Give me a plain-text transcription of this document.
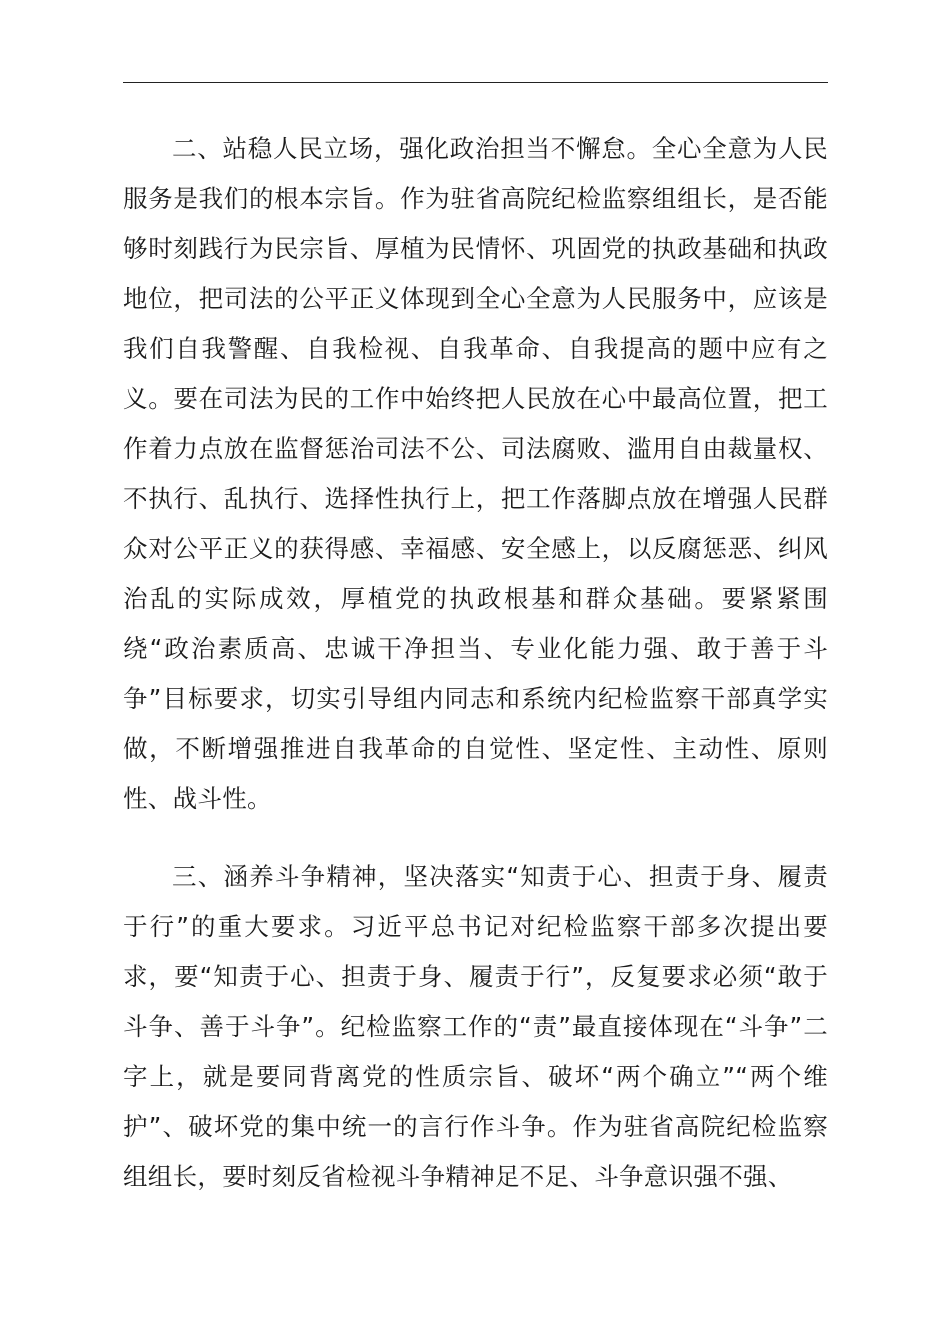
二、站稳人民立场，强化政治担当不懈怠。全心全意为人民服务是我们的根本宗旨。作为驻省高院纪检监察组组长，是否能够时刻践行为民宗旨、厚植为民情怀、巩固党的执政基础和执政地位，把司法的公平正义体现到全心全意为人民服务中，应该是我们自我警醒、自我检视、自我革命、自我提高的题中应有之义。要在司法为民的工作中始终把人民放在心中最高位置，把工作着力点放在监督惩治司法不公、司法腐败、滥用自由裁量权、不执行、乱执行、选择性执行上，把工作落脚点放在增强人民群众对公平正义的获得感、幸福感、安全感上，以反腐惩恶、纠风治乱的实际成效，厚植党的执政根基和群众基础。要紧紧围绕“政治素质高、忠诚干净担当、专业化能力强、敢于善于斗争”目标要求，切实引导组内同志和系统内纪检监察干部真学实做，不断增强推进自我革命的自觉性、坚定性、主动性、原则性、战斗性。

三、涵养斗争精神，坚决落实“知责于心、担责于身、履责于行”的重大要求。习近平总书记对纪检监察干部多次提出要求，要“知责于心、担责于身、履责于行”，反复要求必须“敢于斗争、善于斗争”。纪检监察工作的“责”最直接体现在“斗争”二字上，就是要同背离党的性质宗旨、破坏“两个确立”“两个维护”、破坏党的集中统一的言行作斗争。作为驻省高院纪检监察组组长，要时刻反省检视斗争精神足不足、斗争意识强不强、
